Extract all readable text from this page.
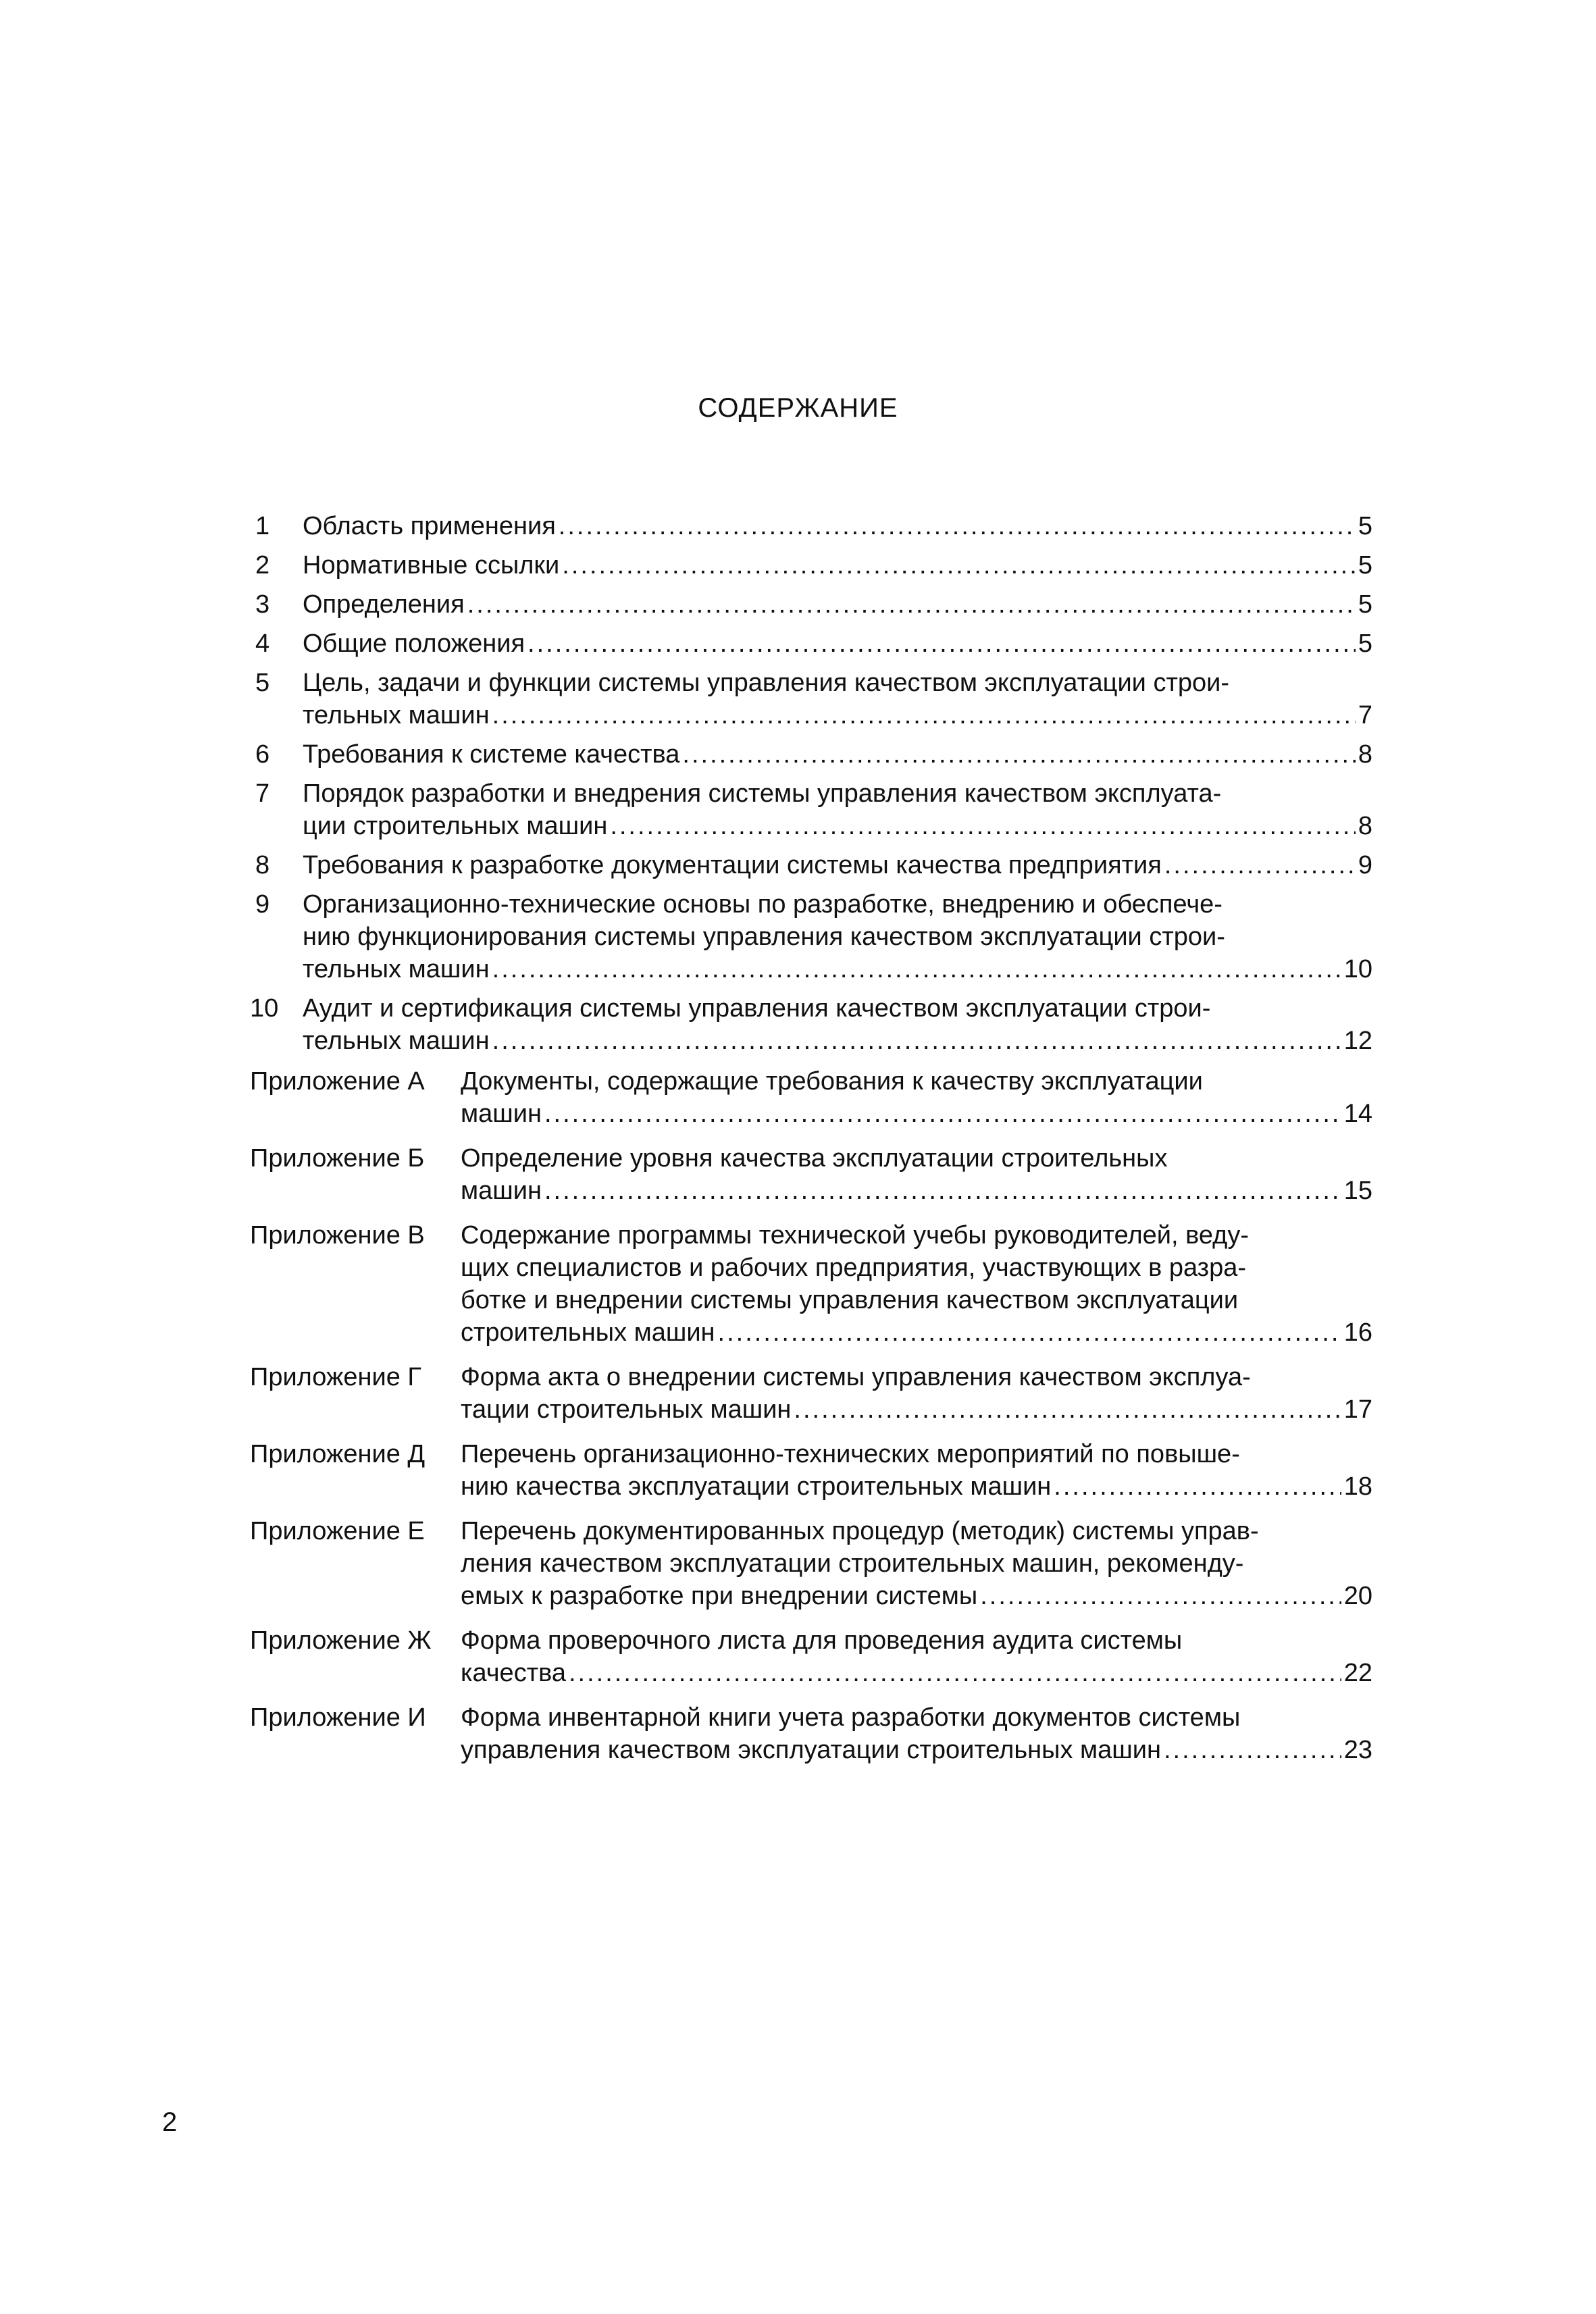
СОДЕРЖАНИЕ
1 Область применения .....	5
2 Нормативные ссылки .....	5
3 Определения .....	5
4 Общие положения .....	5
5 Цель, задачи и функции системы управления качеством эксплуатации строи-
тельных машин .....	7
6 Требования к системе качества .....	8
7 Порядок разработки и внедрения системы управления качеством эксплуата-
ции строительных машин .....	8
8 Требования к разработке документации системы качества предприятия .....	9
9 Организационно-технические основы по разработке, внедрению и обеспече-
нию функционирования системы управления качеством эксплуатации строи-
тельных машин .....	10
10 Аудит и сертификация системы управления качеством эксплуатации строи-
тельных машин .....	12
Приложение А Документы, содержащие требования к качеству эксплуатации
машин .....	14
Приложение Б Определение уровня качества эксплуатации строительных
машин .....	15
Приложение В Содержание программы технической учебы руководителей, веду-
щих специалистов и рабочих предприятия, участвующих в разра-
ботке и внедрении системы управления качеством эксплуатации
строительных машин .....	16
Приложение Г Форма акта о внедрении системы управления качеством эксплуа-
тации строительных машин .....	17
Приложение Д Перечень организационно-технических мероприятий по повыше-
нию качества эксплуатации строительных машин .....	18
Приложение Е Перечень документированных процедур (методик) системы управ-
ления качеством эксплуатации строительных машин, рекоменду-
емых к разработке при внедрении системы .....	20
Приложение Ж Форма проверочного листа для проведения аудита системы
качества .....	22
Приложение И Форма инвентарной книги учета разработки документов системы
управления качеством эксплуатации строительных машин .....	23
2
